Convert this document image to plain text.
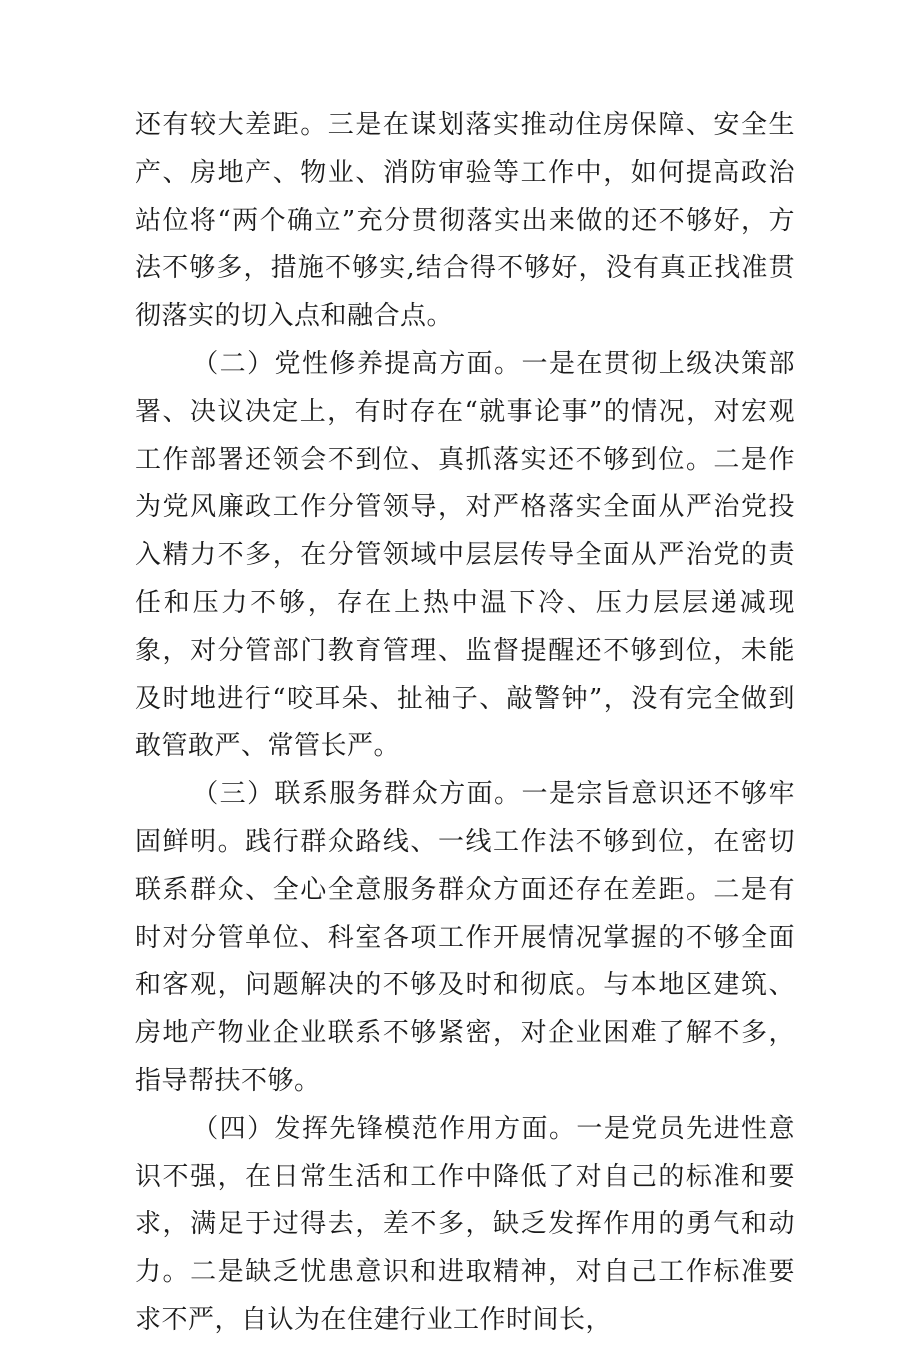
还有较大差距。三是在谋划落实推动住房保障、安全生产、房地产、物业、消防审验等工作中，如何提高政治站位将“两个确立”充分贯彻落实出来做的还不够好，方法不够多，措施不够实,结合得不够好，没有真正找准贯彻落实的切入点和融合点。

（二）党性修养提高方面。一是在贯彻上级决策部署、决议决定上，有时存在“就事论事”的情况，对宏观工作部署还领会不到位、真抓落实还不够到位。二是作为党风廉政工作分管领导，对严格落实全面从严治党投入精力不多，在分管领域中层层传导全面从严治党的责任和压力不够，存在上热中温下冷、压力层层递减现象，对分管部门教育管理、监督提醒还不够到位，未能及时地进行“咬耳朵、扯袖子、敲警钟”，没有完全做到敢管敢严、常管长严。

（三）联系服务群众方面。一是宗旨意识还不够牢固鲜明。践行群众路线、一线工作法不够到位，在密切联系群众、全心全意服务群众方面还存在差距。二是有时对分管单位、科室各项工作开展情况掌握的不够全面和客观，问题解决的不够及时和彻底。与本地区建筑、房地产物业企业联系不够紧密，对企业困难了解不多，指导帮扶不够。

（四）发挥先锋模范作用方面。一是党员先进性意识不强，在日常生活和工作中降低了对自己的标准和要求，满足于过得去，差不多，缺乏发挥作用的勇气和动力。二是缺乏忧患意识和进取精神，对自己工作标准要求不严，自认为在住建行业工作时间长，
